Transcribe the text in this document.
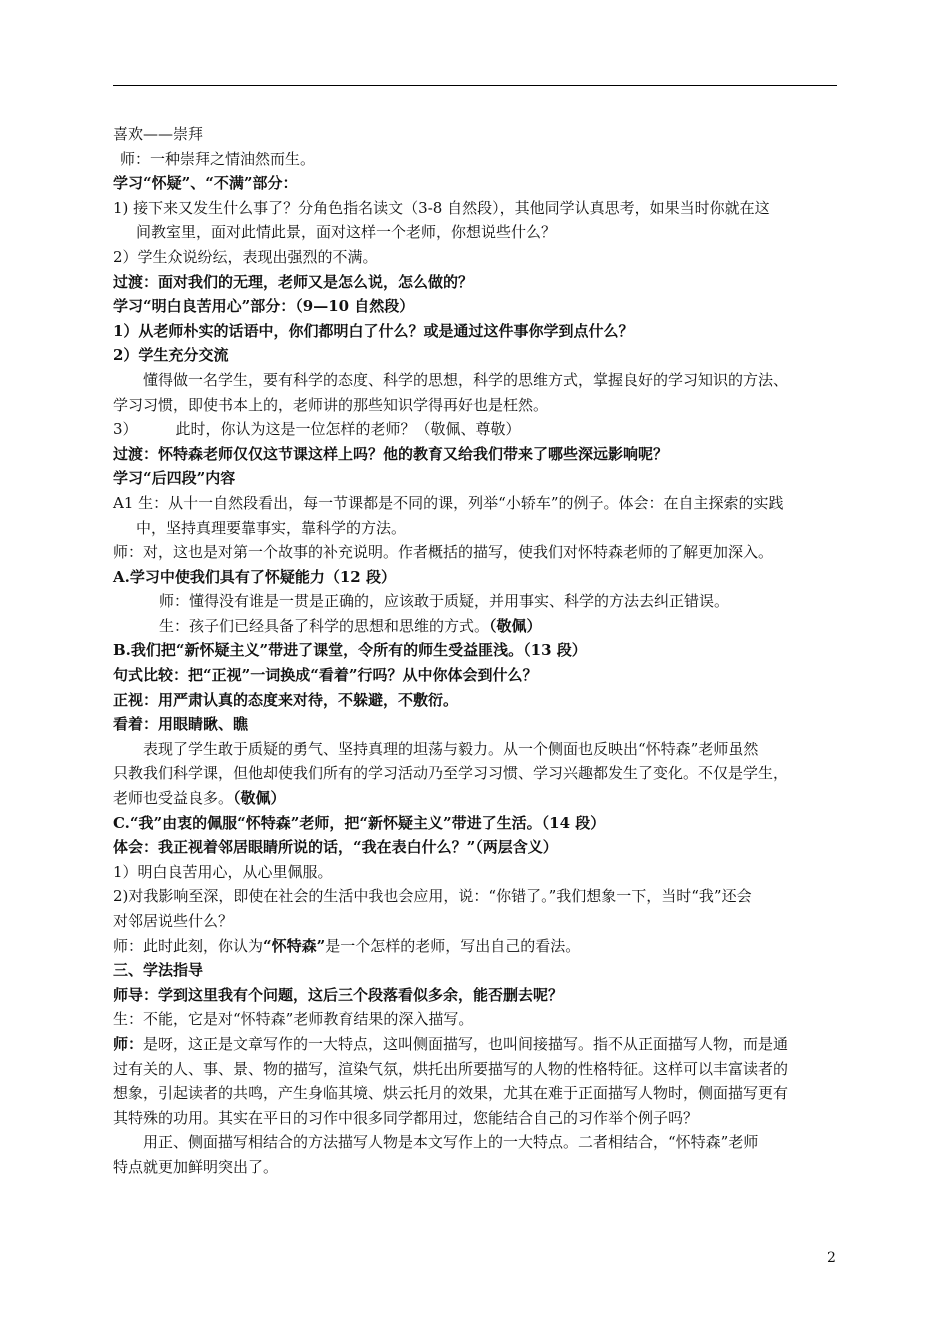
喜欢——崇拜
师：一种崇拜之情油然而生。
学习“怀疑”、“不满”部分：
1) 接下来又发生什么事了？分角色指名读文（3-8 自然段），其他同学认真思考，如果当时你就在这
间教室里，面对此情此景，面对这样一个老师，你想说些什么？
2）学生众说纷纭，表现出强烈的不满。
过渡：面对我们的无理，老师又是怎么说，怎么做的？
学习“明白良苦用心”部分：（9—10 自然段）
1）从老师朴实的话语中，你们都明白了什么？或是通过这件事你学到点什么？
2）学生充分交流
懂得做一名学生，要有科学的态度、科学的思想，科学的思维方式，掌握良好的学习知识的方法、
学习习惯，即使书本上的，老师讲的那些知识学得再好也是枉然。
3）	此时，你认为这是一位怎样的老师？（敬佩、尊敬）
过渡：怀特森老师仅仅这节课这样上吗？他的教育又给我们带来了哪些深远影响呢？
学习“后四段”内容
A1 生：从十一自然段看出，每一节课都是不同的课，列举“小轿车”的例子。体会：在自主探索的实践
中，坚持真理要靠事实，靠科学的方法。
师：对，这也是对第一个故事的补充说明。作者概括的描写，使我们对怀特森老师的了解更加深入。
A.学习中使我们具有了怀疑能力（12 段）
师：懂得没有谁是一贯是正确的，应该敢于质疑，并用事实、科学的方法去纠正错误。
生：孩子们已经具备了科学的思想和思维的方式。（敬佩）
B.我们把“新怀疑主义”带进了课堂，令所有的师生受益匪浅。（13 段）
句式比较：把“正视”一词换成“看着”行吗？从中你体会到什么？
正视：用严肃认真的态度来对待，不躲避，不敷衍。
看着：用眼睛瞅、瞧
表现了学生敢于质疑的勇气、坚持真理的坦荡与毅力。从一个侧面也反映出“怀特森”老师虽然
只教我们科学课，但他却使我们所有的学习活动乃至学习习惯、学习兴趣都发生了变化。不仅是学生，
老师也受益良多。（敬佩）
C.“我”由衷的佩服“怀特森”老师，把“新怀疑主义”带进了生活。（14 段）
体会：我正视着邻居眼睛所说的话，“我在表白什么？”（两层含义）
1）明白良苦用心，从心里佩服。
2)对我影响至深，即使在社会的生活中我也会应用，说：“你错了。”我们想象一下，当时“我”还会
对邻居说些什么？
师：此时此刻，你认为“怀特森”是一个怎样的老师，写出自己的看法。
三、学法指导
师导：学到这里我有个问题，这后三个段落看似多余，能否删去呢？
生：不能，它是对“怀特森”老师教育结果的深入描写。
师：是呀，这正是文章写作的一大特点，这叫侧面描写，也叫间接描写。指不从正面描写人物，而是通
过有关的人、事、景、物的描写，渲染气氛，烘托出所要描写的人物的性格特征。这样可以丰富读者的
想象，引起读者的共鸣，产生身临其境、烘云托月的效果，尤其在难于正面描写人物时，侧面描写更有
其特殊的功用。其实在平日的习作中很多同学都用过，您能结合自己的习作举个例子吗？
用正、侧面描写相结合的方法描写人物是本文写作上的一大特点。二者相结合，“怀特森”老师
特点就更加鲜明突出了。
2
